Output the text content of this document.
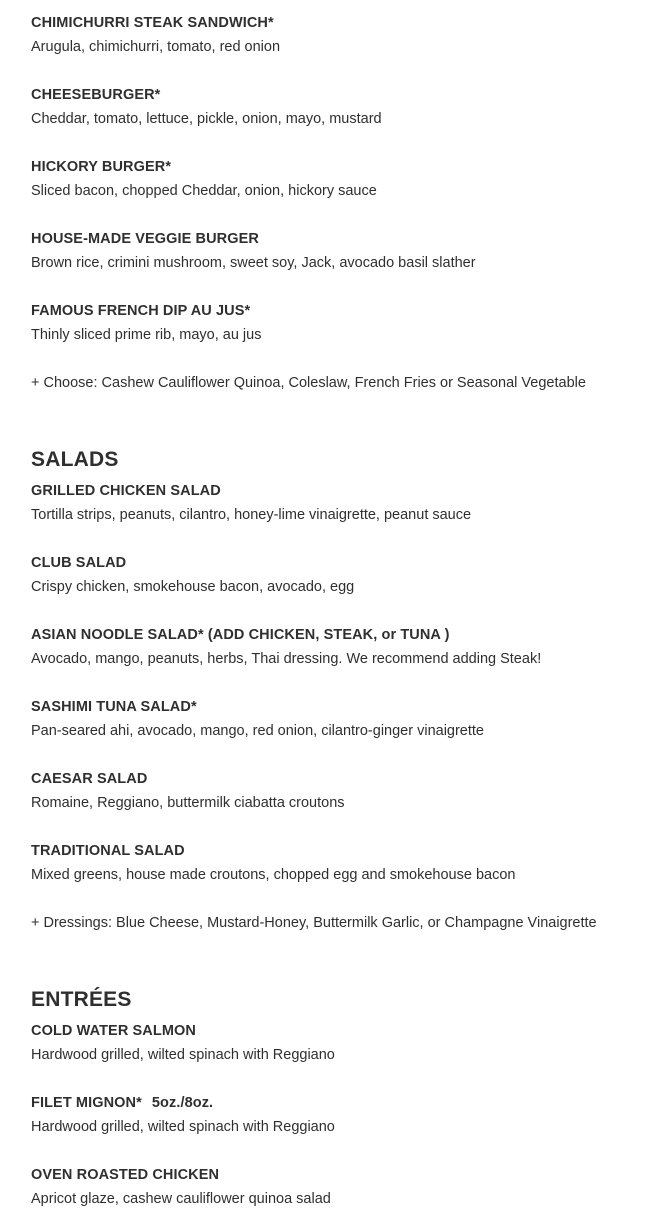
CHIMICHURRI STEAK SANDWICH*
Arugula, chimichurri, tomato, red onion
CHEESEBURGER*
Cheddar, tomato, lettuce, pickle, onion, mayo, mustard
HICKORY BURGER*
Sliced bacon, chopped Cheddar, onion, hickory sauce
HOUSE-MADE VEGGIE BURGER
Brown rice, crimini mushroom, sweet soy, Jack, avocado basil slather
FAMOUS FRENCH DIP AU JUS*
Thinly sliced prime rib, mayo, au jus
+ Choose: Cashew Cauliflower Quinoa, Coleslaw, French Fries or Seasonal Vegetable
SALADS
GRILLED CHICKEN SALAD
Tortilla strips, peanuts, cilantro, honey-lime vinaigrette, peanut sauce
CLUB SALAD
Crispy chicken, smokehouse bacon, avocado, egg
ASIAN NOODLE SALAD* (ADD CHICKEN, STEAK, or TUNA )
Avocado, mango, peanuts, herbs, Thai dressing. We recommend adding Steak!
SASHIMI TUNA SALAD*
Pan-seared ahi, avocado, mango, red onion, cilantro-ginger vinaigrette
CAESAR SALAD
Romaine, Reggiano, buttermilk ciabatta croutons
TRADITIONAL SALAD
Mixed greens, house made croutons, chopped egg and smokehouse bacon
+ Dressings: Blue Cheese, Mustard-Honey, Buttermilk Garlic, or Champagne Vinaigrette
ENTRÉES
COLD WATER SALMON
Hardwood grilled, wilted spinach with Reggiano
FILET MIGNON* 5oz./8oz.
Hardwood grilled, wilted spinach with Reggiano
OVEN ROASTED CHICKEN
Apricot glaze, cashew cauliflower quinoa salad
